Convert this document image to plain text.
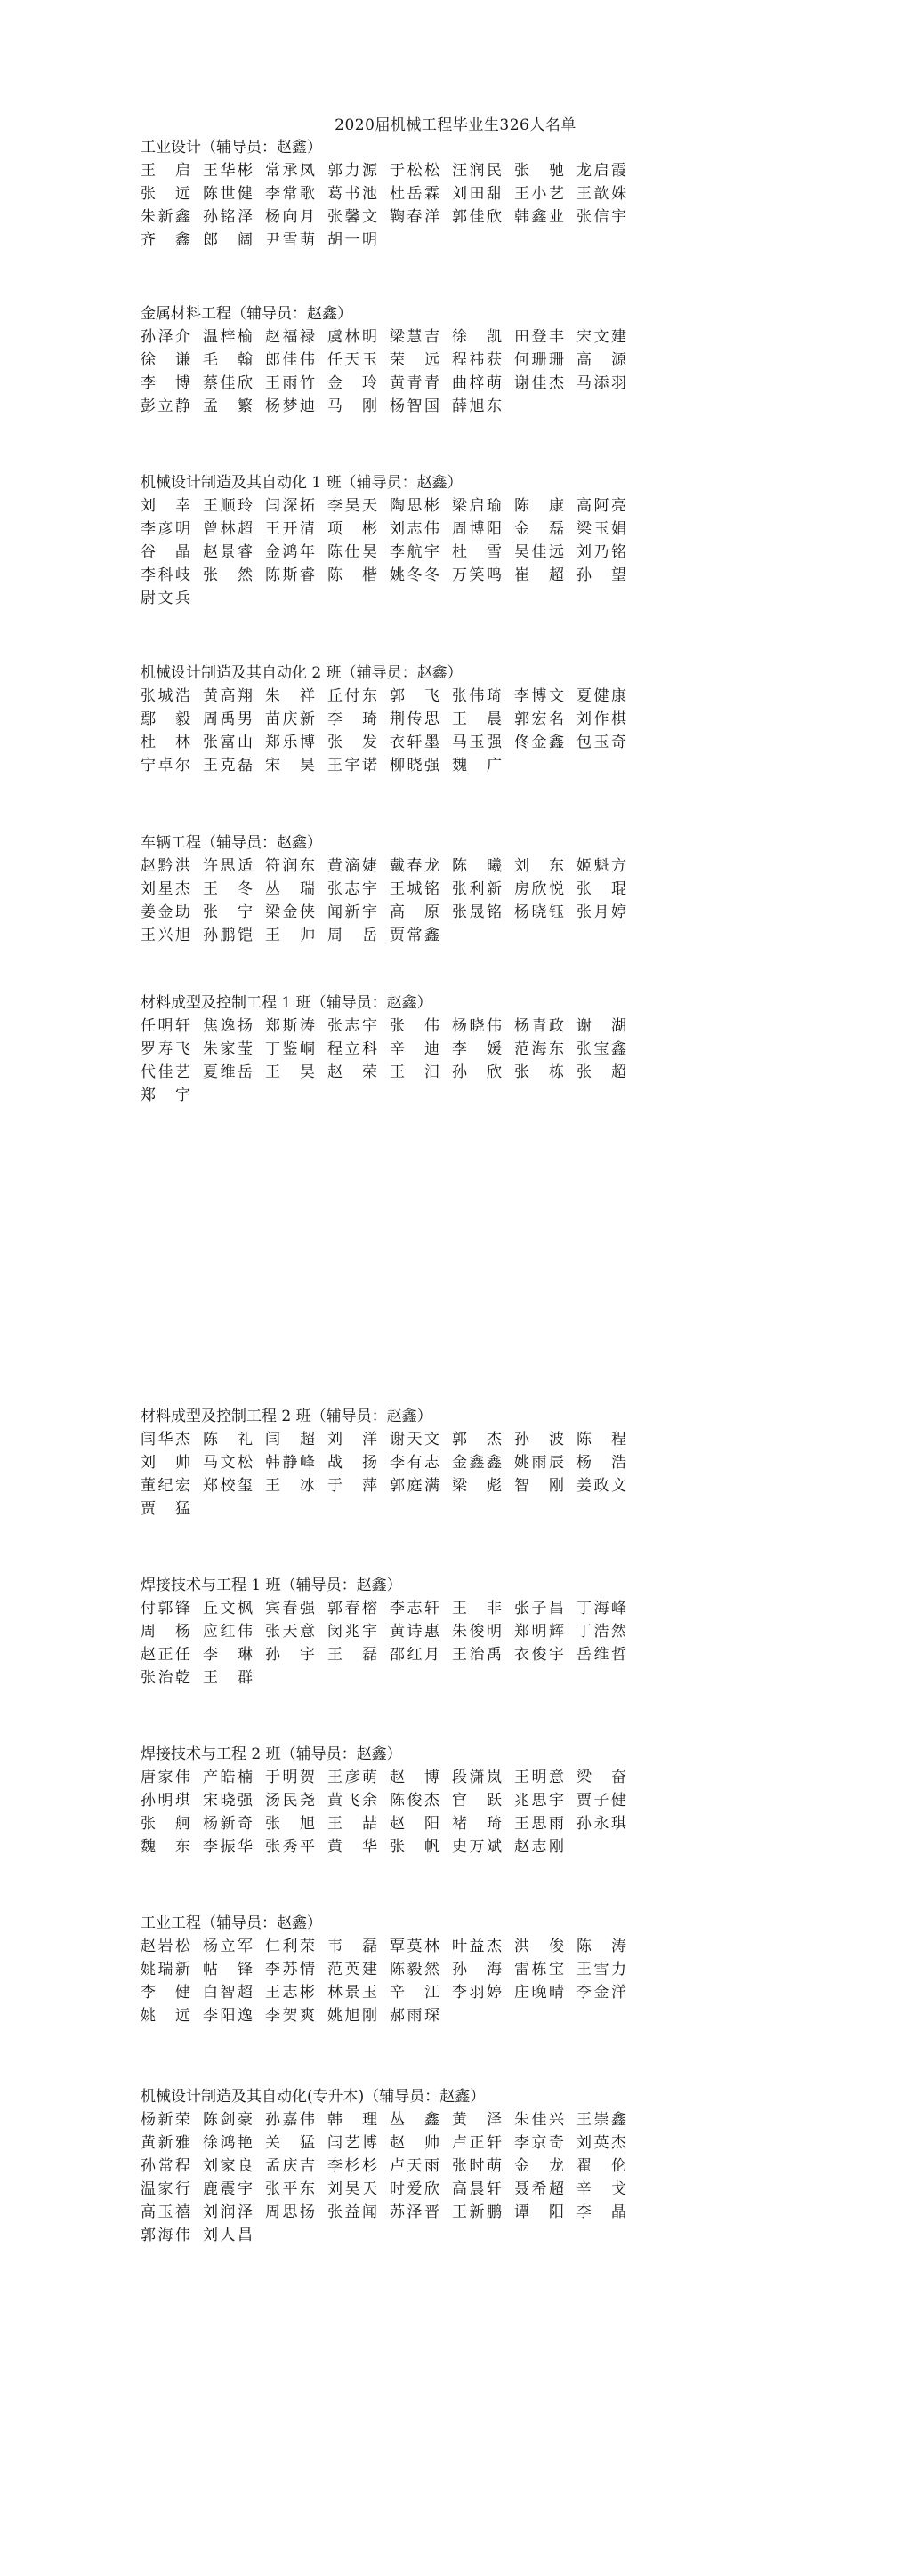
2020届机械工程毕业生326人名单
工业设计（辅导员：赵鑫）
王启 王华彬 常承凤 郭力源 于松松 汪润民 张驰 龙启霞
张远 陈世健 李常歌 葛书池 杜岳霖 刘田甜 王小艺 王歆姝
朱新鑫 孙铭泽 杨向月 张馨文 鞠春洋 郭佳欣 韩鑫业 张信宇
齐鑫 郎阔 尹雪萌 胡一明
金属材料工程（辅导员：赵鑫）
孙泽介 温梓榆 赵福禄 虞林明 梁慧吉 徐凯 田登丰 宋文建
徐谦 毛翰 郎佳伟 任天玉 荣远 程祎获 何珊珊 高源
李博 蔡佳欣 王雨竹 金玲 黄青青 曲梓萌 谢佳杰 马添羽
彭立静 孟繁 杨梦迪 马刚 杨智国 薛旭东
机械设计制造及其自动化 1 班（辅导员：赵鑫）
刘幸 王顺玲 闫深拓 李昊天 陶思彬 梁启瑜 陈康 高阿亮
李彦明 曾林超 王开清 项彬 刘志伟 周博阳 金磊 梁玉娟
谷晶 赵景睿 金鸿年 陈仕昊 李航宇 杜雪 吴佳远 刘乃铭
李科岐 张然 陈斯睿 陈楷 姚冬冬 万笑鸣 崔超 孙望
尉文兵
机械设计制造及其自动化 2 班（辅导员：赵鑫）
张城浩 黄高翔 朱祥 丘付东 郭飞 张伟琦 李博文 夏健康
鄢毅 周禹男 苗庆新 李琦 荆传思 王晨 郭宏名 刘作棋
杜林 张富山 郑乐博 张发 衣轩墨 马玉强 佟金鑫 包玉奇
宁卓尔 王克磊 宋昊 王宇诺 柳晓强 魏广
车辆工程（辅导员：赵鑫）
赵黔洪 许思适 符润东 黄滴婕 戴春龙 陈曦 刘东 姬魁方
刘星杰 王冬 丛瑞 张志宇 王城铭 张利新 房欣悦 张琨
姜金助 张宁 梁金侠 闻新宇 高原 张晟铭 杨晓钰 张月婷
王兴旭 孙鹏铠 王帅 周岳 贾常鑫
材料成型及控制工程 1 班（辅导员：赵鑫）
任明轩 焦逸扬 郑斯涛 张志宇 张伟 杨晓伟 杨青政 谢湖
罗寿飞 朱家莹 丁鉴峒 程立科 辛迪 李媛 范海东 张宝鑫
代佳艺 夏维岳 王昊 赵荣 王汨 孙欣 张栋 张超
郑宇
材料成型及控制工程 2 班（辅导员：赵鑫）
闫华杰 陈礼 闫超 刘洋 谢天文 郭杰 孙波 陈程
刘帅 马文松 韩静峰 战扬 李有志 金鑫鑫 姚雨辰 杨浩
董纪宏 郑校玺 王冰 于萍 郭庭满 梁彪 智刚 姜政文
贾猛
焊接技术与工程 1 班（辅导员：赵鑫）
付郭锋 丘文枫 宾春强 郭春榕 李志轩 王非 张子昌 丁海峰
周杨 应红伟 张天意 闵兆宇 黄诗惠 朱俊明 郑明辉 丁浩然
赵正任 李琳 孙宇 王磊 邵红月 王治禹 衣俊宇 岳维哲
张治乾 王群
焊接技术与工程 2 班（辅导员：赵鑫）
唐家伟 产皓楠 于明贺 王彦萌 赵博 段潇岚 王明意 梁奋
孙明琪 宋晓强 汤民尧 黄飞余 陈俊杰 官跃 兆思宇 贾子健
张舸 杨新奇 张旭 王喆 赵阳 褚琦 王思雨 孙永琪
魏东 李振华 张秀平 黄华 张帆 史万斌 赵志刚
工业工程（辅导员：赵鑫）
赵岩松 杨立军 仁利荣 韦磊 覃莫林 叶益杰 洪俊 陈涛
姚瑞新 帖锋 李苏情 范英建 陈毅然 孙海 雷栋宝 王雪力
李健 白智超 王志彬 林景玉 辛江 李羽婷 庄晚晴 李金洋
姚远 李阳逸 李贺爽 姚旭刚 郝雨琛
机械设计制造及其自动化(专升本)（辅导员：赵鑫）
杨新荣 陈剑豪 孙嘉伟 韩理 丛鑫 黄泽 朱佳兴 王崇鑫
黄新雅 徐鸿艳 关猛 闫艺博 赵帅 卢正轩 李京奇 刘英杰
孙常程 刘家良 孟庆吉 李杉杉 卢天雨 张时萌 金龙 翟伦
温家行 鹿震宇 张平东 刘昊天 时爱欣 高晨轩 聂希超 辛戈
高玉禧 刘润泽 周思扬 张益闻 苏泽晋 王新鹏 谭阳 李晶
郭海伟 刘人昌
